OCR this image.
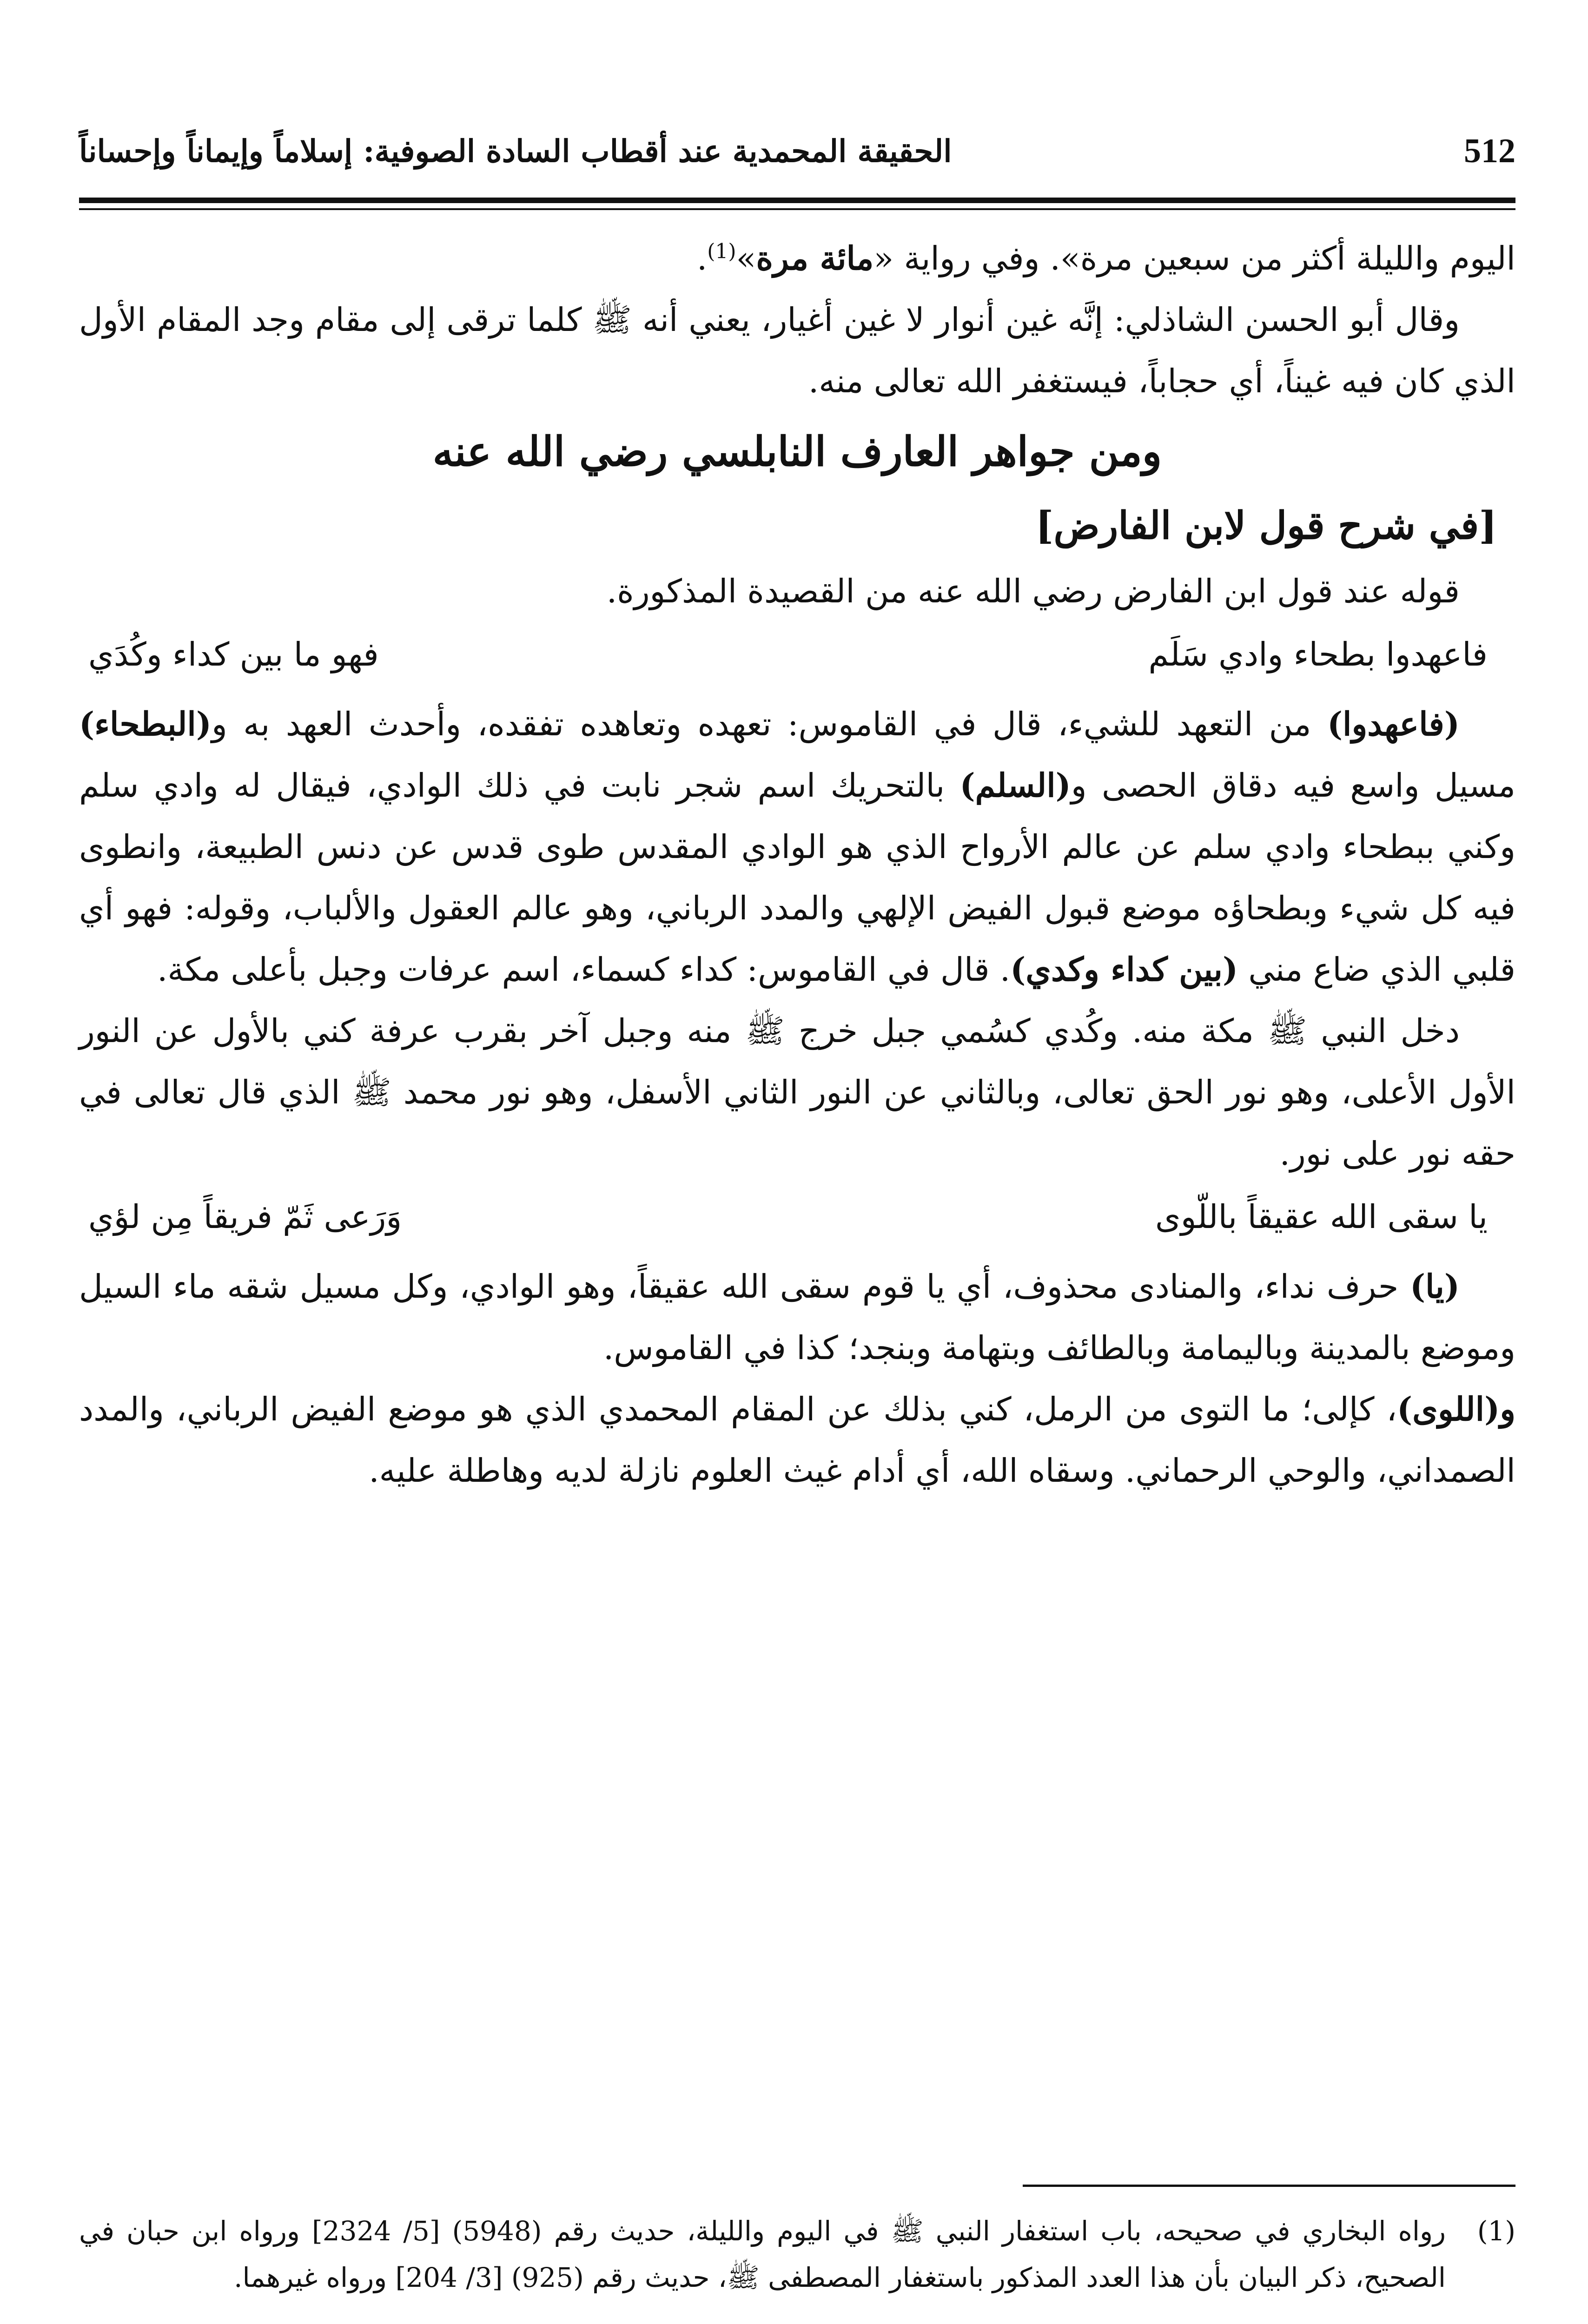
512
الحقيقة المحمدية عند أقطاب السادة الصوفية: إسلاماً وإيماناً وإحساناً

اليوم والليلة أكثر من سبعين مرة». وفي رواية «مائة مرة»$^{(1)}$.

وقال أبو الحسن الشاذلي: إنَّه غين أنوار لا غين أغيار، يعني أنه ﷺ كلما ترقى إلى مقام وجد المقام الأول الذي كان فيه غيناً، أي حجاباً، فيستغفر الله تعالى منه.

ومن جواهر العارف النابلسي رضي الله عنه

[في شرح قول لابن الفارض]

قوله عند قول ابن الفارض رضي الله عنه من القصيدة المذكورة.

فاعهدوا بطحاء وادي سَلَم
فهو ما بين كداء وكُدَي

(فاعهدوا) من التعهد للشيء، قال في القاموس: تعهده وتعاهده تفقده، وأحدث العهد به و(البطحاء) مسيل واسع فيه دقاق الحصى و(السلم) بالتحريك اسم شجر نابت في ذلك الوادي، فيقال له وادي سلم وكني ببطحاء وادي سلم عن عالم الأرواح الذي هو الوادي المقدس طوى قدس عن دنس الطبيعة، وانطوى فيه كل شيء وبطحاؤه موضع قبول الفيض الإلهي والمدد الرباني، وهو عالم العقول والألباب، وقوله: فهو أي قلبي الذي ضاع مني (بين كداء وكدي). قال في القاموس: كداء كسماء، اسم عرفات وجبل بأعلى مكة.

دخل النبي ﷺ مكة منه. وكُدي كسُمي جبل خرج ﷺ منه وجبل آخر بقرب عرفة كني بالأول عن النور الأول الأعلى، وهو نور الحق تعالى، وبالثاني عن النور الثاني الأسفل، وهو نور محمد ﷺ الذي قال تعالى في حقه نور على نور.

يا سقى الله عقيقاً باللّوى
وَرَعى ثَمّ فريقاً مِن لؤي

(يا) حرف نداء، والمنادى محذوف، أي يا قوم سقى الله عقيقاً، وهو الوادي، وكل مسيل شقه ماء السيل وموضع بالمدينة وباليمامة وبالطائف وبتهامة وبنجد؛ كذا في القاموس.

و(اللوى)، كإلى؛ ما التوى من الرمل، كني بذلك عن المقام المحمدي الذي هو موضع الفيض الرباني، والمدد الصمداني، والوحي الرحماني. وسقاه الله، أي أدام غيث العلوم نازلة لديه وهاطلة عليه.

(1)
رواه البخاري في صحيحه، باب استغفار النبي ﷺ في اليوم والليلة، حديث رقم (5948) [5/ 2324] ورواه ابن حبان في الصحيح، ذكر البيان بأن هذا العدد المذكور باستغفار المصطفى ﷺ، حديث رقم (925) [3/ 204] ورواه غيرهما.
